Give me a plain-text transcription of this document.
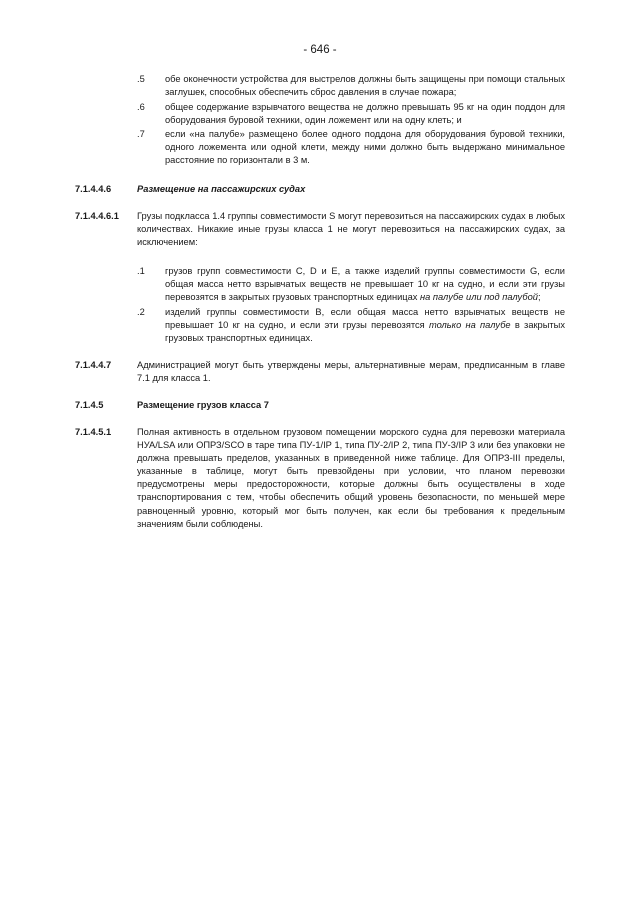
- 646 -
.5 обе оконечности устройства для выстрелов должны быть защищены при помощи стальных заглушек, способных обеспечить сброс давления в случае пожара;
.6 общее содержание взрывчатого вещества не должно превышать 95 кг на один поддон для оборудования буровой техники, один ложемент или на одну клеть; и
.7 если «на палубе» размещено более одного поддона для оборудования буровой техники, одного ложемента или одной клети, между ними должно быть выдержано минимальное расстояние по горизонтали в 3 м.
7.1.4.4.6	Размещение на пассажирских судах
7.1.4.4.6.1 Грузы подкласса 1.4 группы совместимости S могут перевозиться на пассажирских судах в любых количествах. Никакие иные грузы класса 1 не могут перевозиться на пассажирских судах, за исключением:
.1 грузов групп совместимости C, D и E, а также изделий группы совместимости G, если общая масса нетто взрывчатых веществ не превышает 10 кг на судно, и если эти грузы перевозятся в закрытых грузовых транспортных единицах на палубе или под палубой;
.2 изделий группы совместимости B, если общая масса нетто взрывчатых веществ не превышает 10 кг на судно, и если эти грузы перевозятся только на палубе в закрытых грузовых транспортных единицах.
7.1.4.4.7	Администрацией могут быть утверждены меры, альтернативные мерам, предписанным в главе 7.1 для класса 1.
7.1.4.5	Размещение грузов класса 7
7.1.4.5.1	Полная активность в отдельном грузовом помещении морского судна для перевозки материала НУА/LSA или ОПРЗ/SCO в таре типа ПУ-1/IP 1, типа ПУ-2/IP 2, типа ПУ-3/IP 3 или без упаковки не должна превышать пределов, указанных в приведенной ниже таблице. Для ОПРЗ-III пределы, указанные в таблице, могут быть превзойдены при условии, что планом перевозки предусмотрены меры предосторожности, которые должны быть осуществлены в ходе транспортирования с тем, чтобы обеспечить общий уровень безопасности, по меньшей мере равноценный уровню, который мог быть получен, как если бы требования к предельным значениям были соблюдены.
